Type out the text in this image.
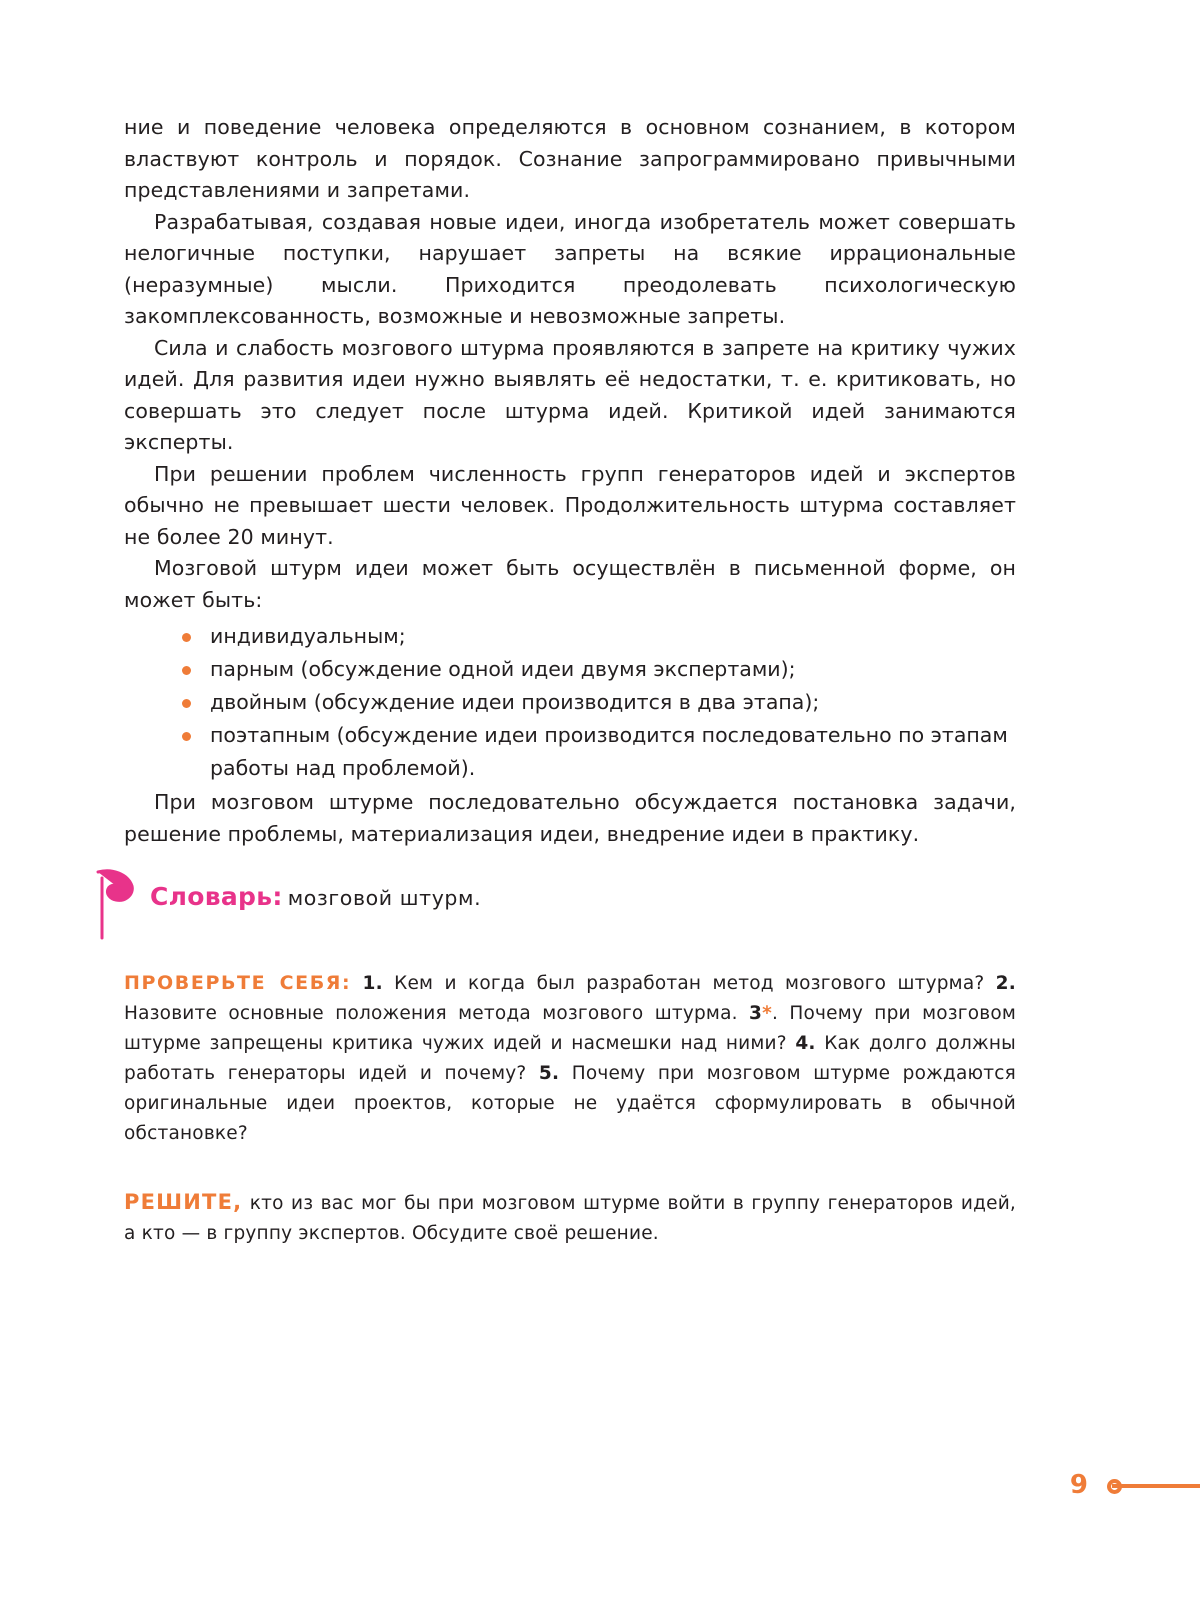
ние и поведение человека определяются в основном сознанием, в котором властвуют контроль и порядок. Сознание запрограммировано привычными представлениями и запретами.

Разрабатывая, создавая новые идеи, иногда изобретатель может совершать нелогичные поступки, нарушает запреты на всякие иррациональные (неразумные) мысли. Приходится преодолевать психологическую закомплексованность, возможные и невозможные запреты.

Сила и слабость мозгового штурма проявляются в запрете на критику чужих идей. Для развития идеи нужно выявлять её недостатки, т. е. критиковать, но совершать это следует после штурма идей. Критикой идей занимаются эксперты.

При решении проблем численность групп генераторов идей и экспертов обычно не превышает шести человек. Продолжительность штурма составляет не более 20 минут.

Мозговой штурм идеи может быть осуществлён в письменной форме, он может быть:

индивидуальным;
парным (обсуждение одной идеи двумя экспертами);
двойным (обсуждение идеи производится в два этапа);
поэтапным (обсуждение идеи производится последовательно по этапам работы над проблемой).

При мозговом штурме последовательно обсуждается постановка задачи, решение проблемы, материализация идеи, внедрение идеи в практику.

Словарь: мозговой штурм.
ПРОВЕРЬТЕ СЕБЯ: 1. Кем и когда был разработан метод мозгового штурма? 2. Назовите основные положения метода мозгового штурма. 3*. Почему при мозговом штурме запрещены критика чужих идей и насмешки над ними? 4. Как долго должны работать генераторы идей и почему? 5. Почему при мозговом штурме рождаются оригинальные идеи проектов, которые не удаётся сформулировать в обычной обстановке?
РЕШИТЕ, кто из вас мог бы при мозговом штурме войти в группу генераторов идей, а кто — в группу экспертов. Обсудите своё решение.
9
